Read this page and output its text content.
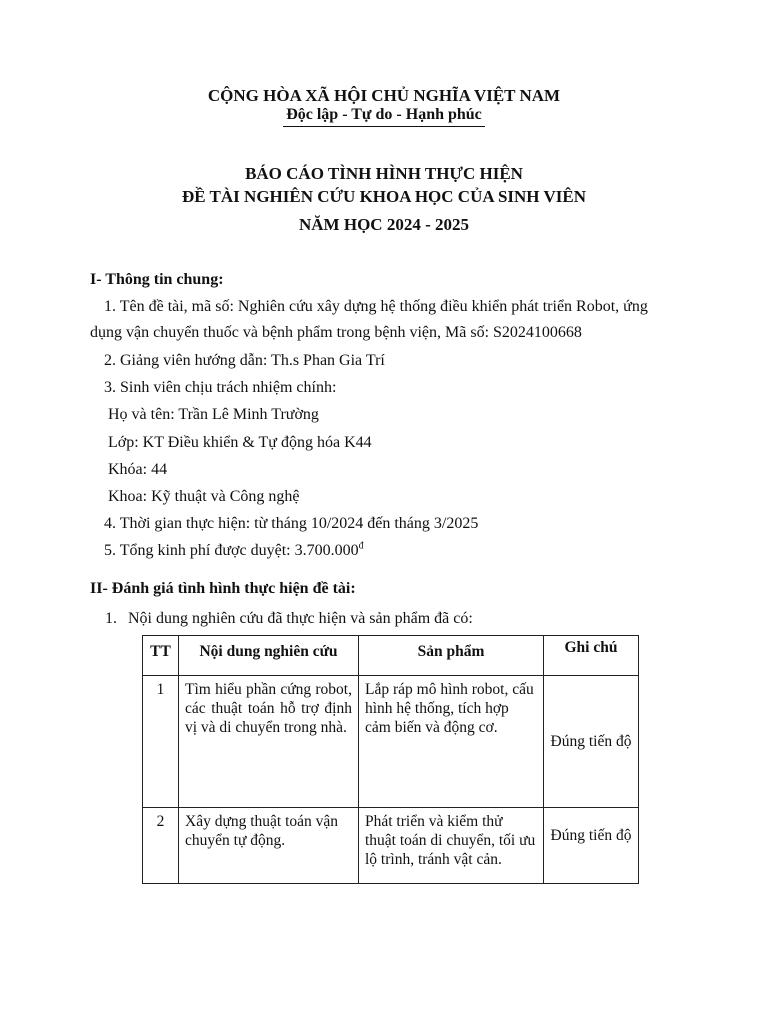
CỘNG HÒA XÃ HỘI CHỦ NGHĨA VIỆT NAM
Độc lập - Tự do - Hạnh phúc
BÁO CÁO TÌNH HÌNH THỰC HIỆN
ĐỀ TÀI NGHIÊN CỨU KHOA HỌC CỦA SINH VIÊN
NĂM HỌC 2024 - 2025
I- Thông tin chung:
1. Tên đề tài, mã số: Nghiên cứu xây dựng hệ thống điều khiển phát triển Robot, ứng
dụng vận chuyển thuốc và bệnh phẩm trong bệnh viện, Mã số: S2024100668
2. Giảng viên hướng dẫn: Th.s Phan Gia Trí
3. Sinh viên chịu trách nhiệm chính:
Họ và tên: Trần Lê Minh Trường
Lớp: KT Điều khiển & Tự động hóa K44
Khóa: 44
Khoa: Kỹ thuật và Công nghệ
4. Thời gian thực hiện: từ tháng 10/2024 đến tháng 3/2025
5. Tổng kinh phí được duyệt: $3.700.000^đ$
II- Đánh giá tình hình thực hiện đề tài:
1. Nội dung nghiên cứu đã thực hiện và sản phẩm đã có:
TT	Nội dung nghiên cứu	Sản phẩm	Ghi chú
1	Tìm hiểu phần cứng robot, các thuật toán hỗ trợ định vị và di chuyển trong nhà.	Lắp ráp mô hình robot, cấu hình hệ thống, tích hợp cảm biến và động cơ.	Đúng tiến độ
2	Xây dựng thuật toán vận chuyển tự động.	Phát triển và kiểm thử thuật toán di chuyển, tối ưu lộ trình, tránh vật cản.	Đúng tiến độ
